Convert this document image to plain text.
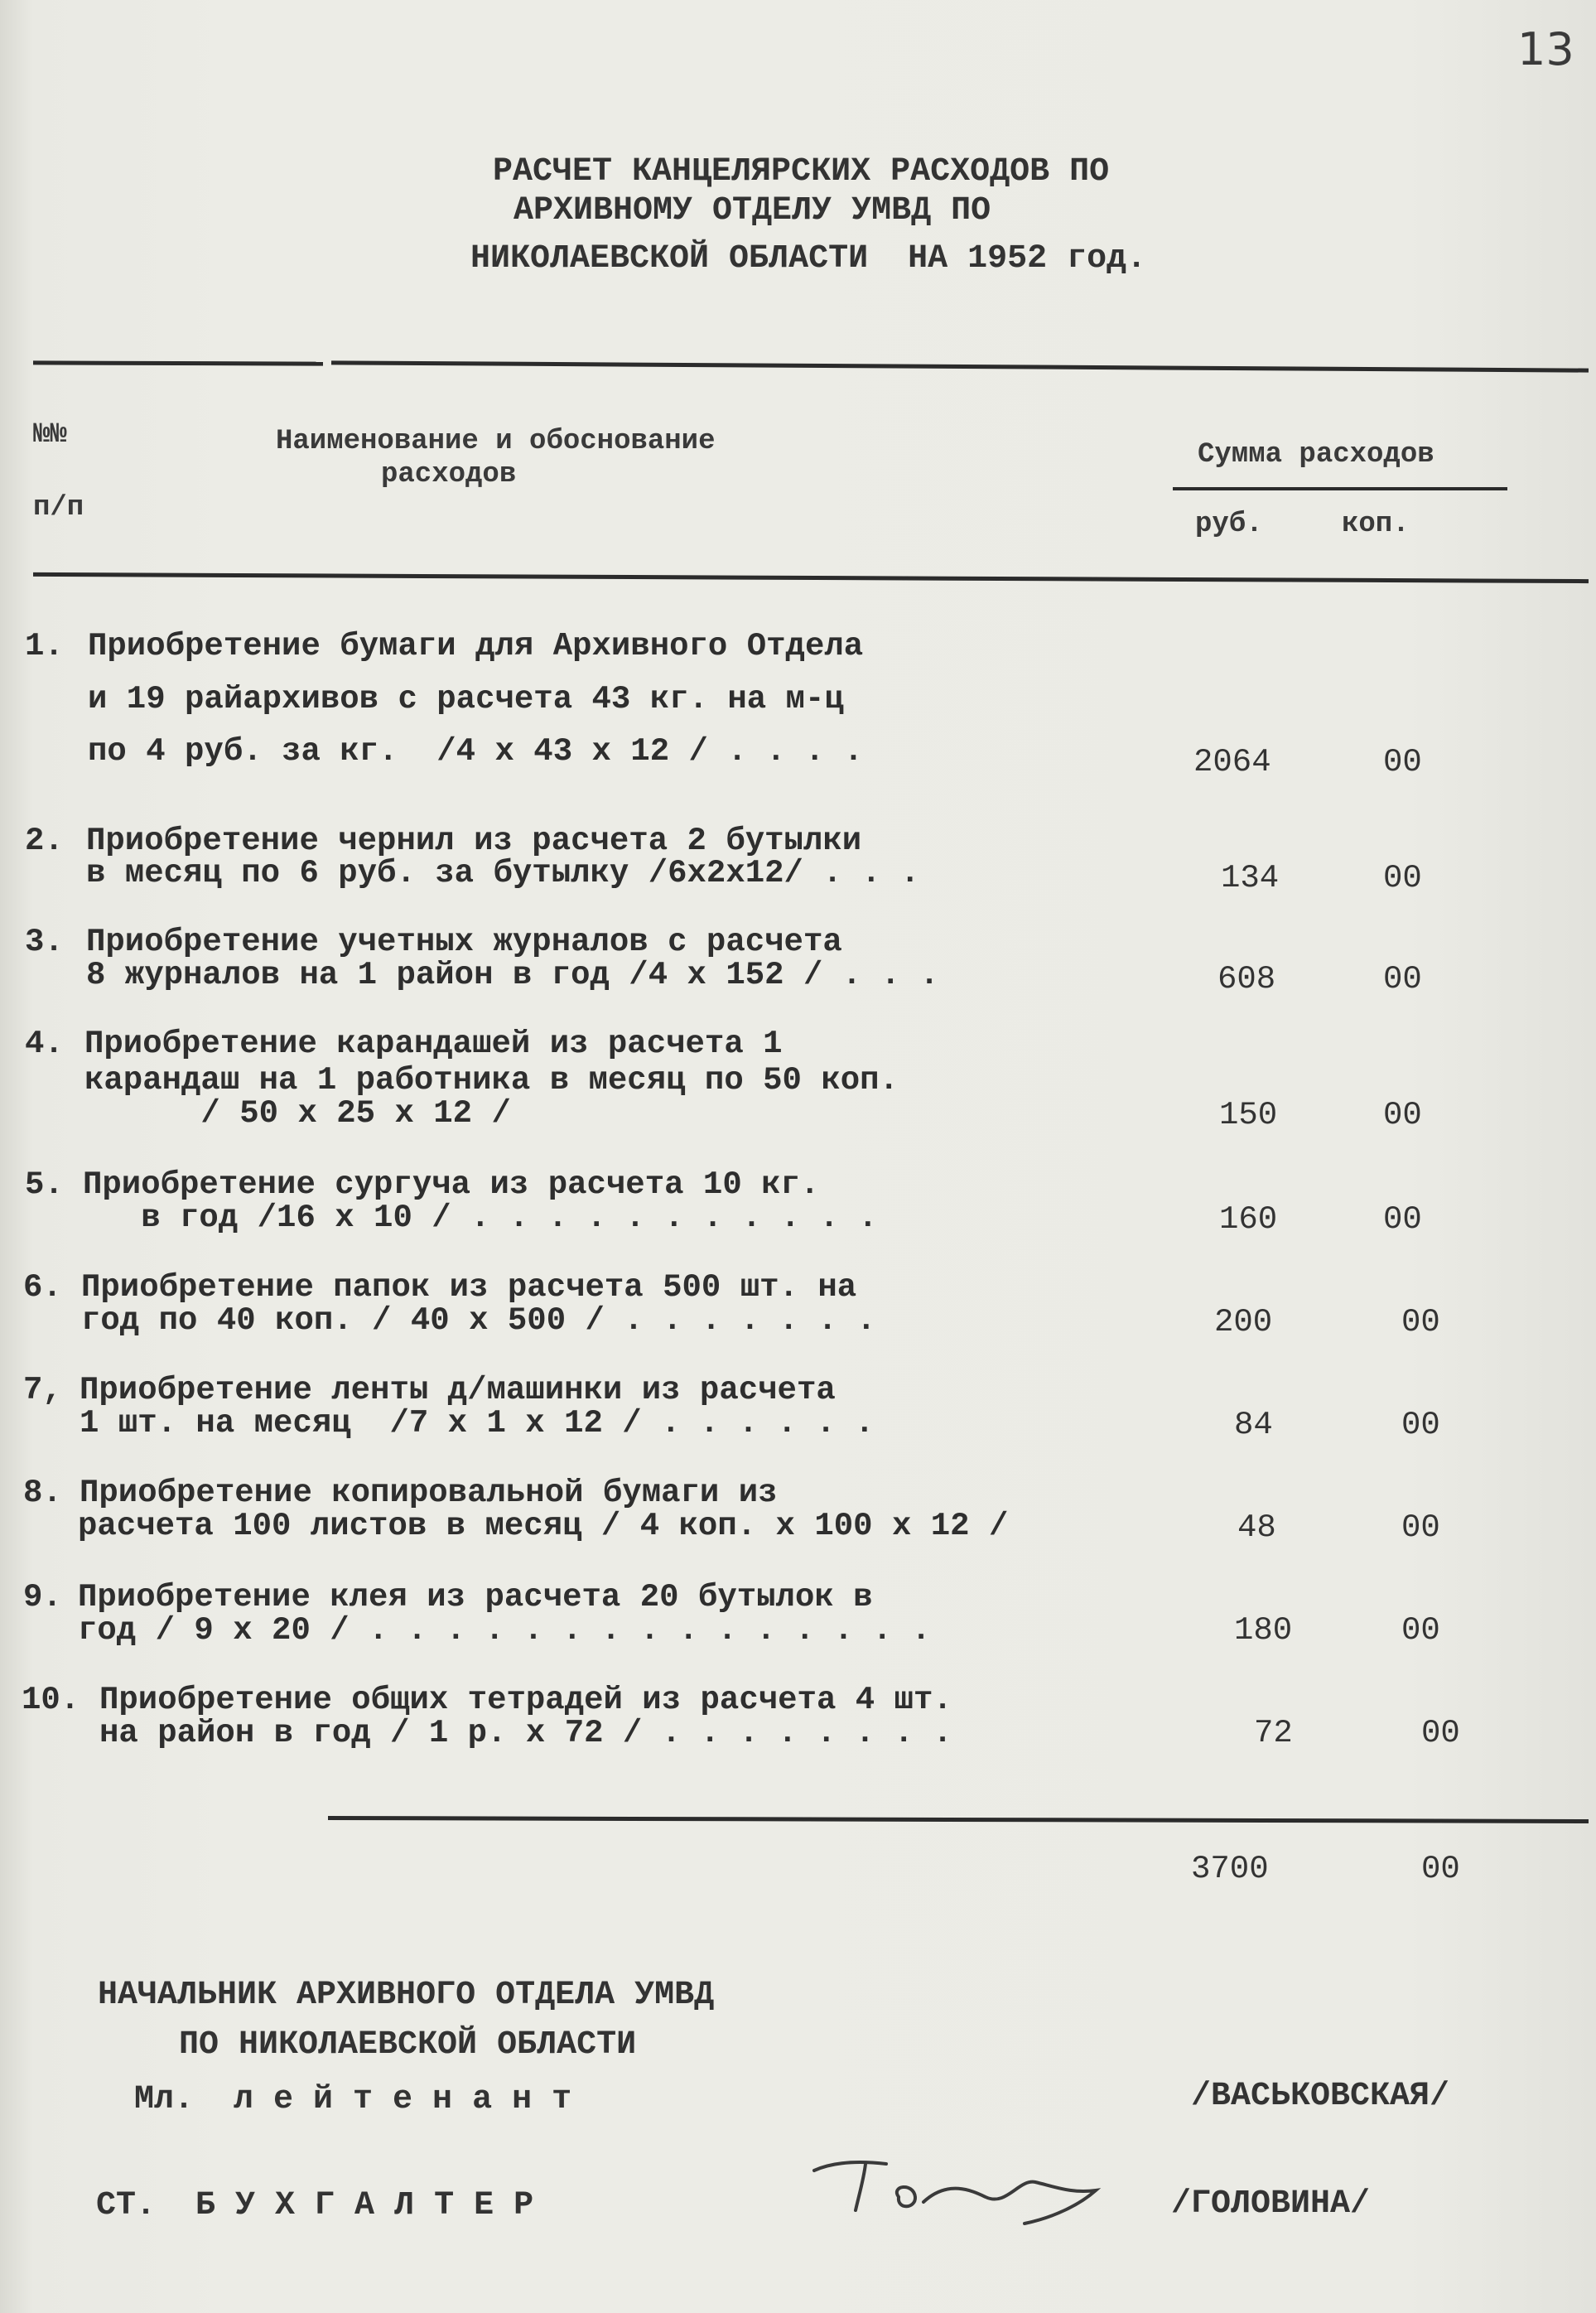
13
РАСЧЕТ КАНЦЕЛЯРСКИХ РАСХОДОВ ПО
АРХИВНОМУ ОТДЕЛУ УМВД ПО
НИКОЛАЕВСКОЙ ОБЛАСТИ  НА 1952 год.
№№
п/п
Наименование и обоснование
расходов
Сумма расходов
руб.	коп.
1. Приобретение бумаги для Архивного Отдела
и 19 райархивов с расчета 43 кг. на м-ц
по 4 руб. за кг.  /4 x 43 x 12 / . . . .	2064	00
2. Приобретение чернил из расчета 2 бутылки
в месяц по 6 руб. за бутылку /6x2x12/ . . .	134	00
3. Приобретение учетных журналов с расчета
8 журналов на 1 район в год /4 x 152 / . . .	608	00
4. Приобретение карандашей из расчета 1
карандаш на 1 работника в месяц по 50 коп.
/ 50 x 25 x 12 /	150	00
5. Приобретение сургуча из расчета 10 кг.
в год /16 x 10 / . . . . . . . . . . .	160	00
6. Приобретение папок из расчета 500 шт. на
год по 40 коп. / 40 x 500 / . . . . . . .	200	00
7, Приобретение ленты д/машинки из расчета
1 шт. на месяц  /7 x 1 x 12 / . . . . . .	84	00
8. Приобретение копировальной бумаги из
расчета 100 листов в месяц / 4 коп. x 100 x 12 /	48	00
9. Приобретение клея из расчета 20 бутылок в
год / 9 x 20 / . . . . . . . . . . . . . . .	180	00
10. Приобретение общих тетрадей из расчета 4 шт.
на район в год / 1 р. x 72 / . . . . . . . .	72	00
3700	00
НАЧАЛЬНИК АРХИВНОГО ОТДЕЛА УМВД
ПО НИКОЛАЕВСКОЙ ОБЛАСТИ
Мл.  л е й т е н а н т	/ВАСЬКОВСКАЯ/
СТ.  Б У Х Г А Л Т Е Р	/ГОЛОВИНА/
